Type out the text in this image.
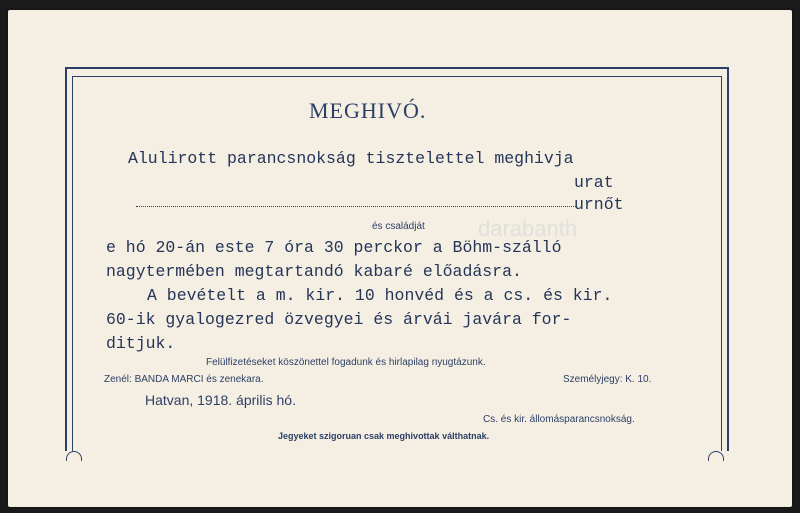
darabanth
MEGHIVÓ.
Alulirott parancsnokság tisztelettel meghivja
urat
urnőt
és családját
e hó 20-án este 7 óra 30 perckor a Böhm-szálló
nagytermében megtartandó kabaré előadásra.
A bevételt a m. kir. 10 honvéd és a cs. és kir.
60-ik gyalogezred özvegyei és árvái javára for-
ditjuk.
Felülfizetéseket köszönettel fogadunk és hirlapilag nyugtázunk.
Zenél: BANDA MARCI és zenekara.	Személyjegy: K. 10.
Hatvan, 1918. április hó.
Cs. és kir. állomásparancsnokság.
Jegyeket szigoruan csak meghivottak válthatnak.
